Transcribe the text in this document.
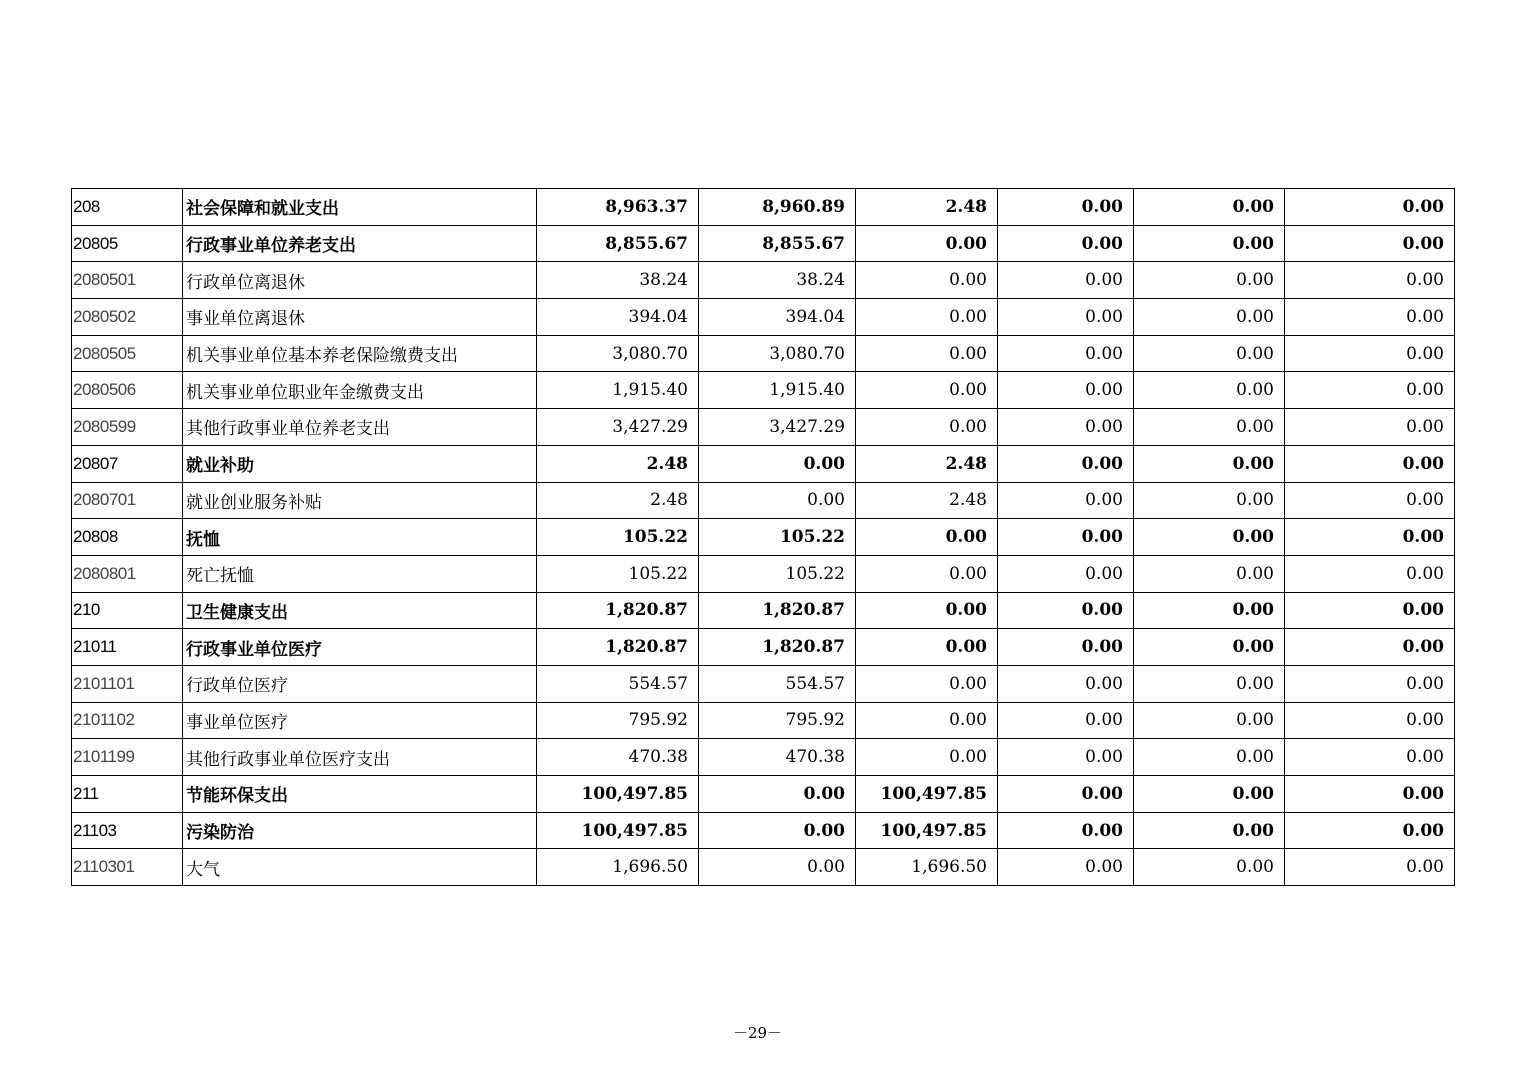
208	社会保障和就业支出	8,963.37	8,960.89	2.48	0.00	0.00	0.00
20805	行政事业单位养老支出	8,855.67	8,855.67	0.00	0.00	0.00	0.00
2080501	行政单位离退休	38.24	38.24	0.00	0.00	0.00	0.00
2080502	事业单位离退休	394.04	394.04	0.00	0.00	0.00	0.00
2080505	机关事业单位基本养老保险缴费支出	3,080.70	3,080.70	0.00	0.00	0.00	0.00
2080506	机关事业单位职业年金缴费支出	1,915.40	1,915.40	0.00	0.00	0.00	0.00
2080599	其他行政事业单位养老支出	3,427.29	3,427.29	0.00	0.00	0.00	0.00
20807	就业补助	2.48	0.00	2.48	0.00	0.00	0.00
2080701	就业创业服务补贴	2.48	0.00	2.48	0.00	0.00	0.00
20808	抚恤	105.22	105.22	0.00	0.00	0.00	0.00
2080801	死亡抚恤	105.22	105.22	0.00	0.00	0.00	0.00
210	卫生健康支出	1,820.87	1,820.87	0.00	0.00	0.00	0.00
21011	行政事业单位医疗	1,820.87	1,820.87	0.00	0.00	0.00	0.00
2101101	行政单位医疗	554.57	554.57	0.00	0.00	0.00	0.00
2101102	事业单位医疗	795.92	795.92	0.00	0.00	0.00	0.00
2101199	其他行政事业单位医疗支出	470.38	470.38	0.00	0.00	0.00	0.00
211	节能环保支出	100,497.85	0.00	100,497.85	0.00	0.00	0.00
21103	污染防治	100,497.85	0.00	100,497.85	0.00	0.00	0.00
2110301	大气	1,696.50	0.00	1,696.50	0.00	0.00	0.00
－29－
